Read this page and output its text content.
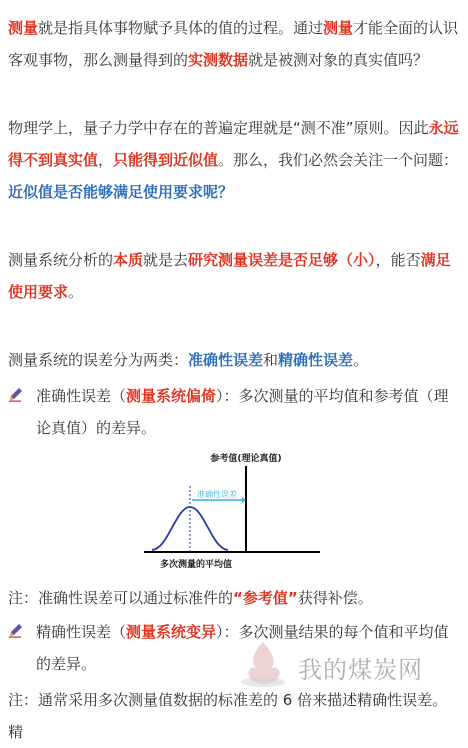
测量就是指具体事物赋予具体的值的过程。通过测量才能全面的认识客观事物，那么测量得到的实测数据就是被测对象的真实值吗？

物理学上，量子力学中存在的普遍定理就是“测不准”原则。因此永远得不到真实值，只能得到近似值。那么，我们必然会关注一个问题：近似值是否能够满足使用要求呢？

测量系统分析的本质就是去研究测量误差是否足够（小），能否满足使用要求。

测量系统的误差分为两类：准确性误差和精确性误差。

准确性误差（测量系统偏倚）：多次测量的平均值和参考值（理论真值）的差异。
准确性误差
参考值(理论真值)
多次测量的平均值

注：准确性误差可以通过标准件的“参考值”获得补偿。

精确性误差（测量系统变异）：多次测量结果的每个值和平均值的差异。

注：通常采用多次测量值数据的标准差的 6 倍来描述精确性误差。精

我的煤炭网
